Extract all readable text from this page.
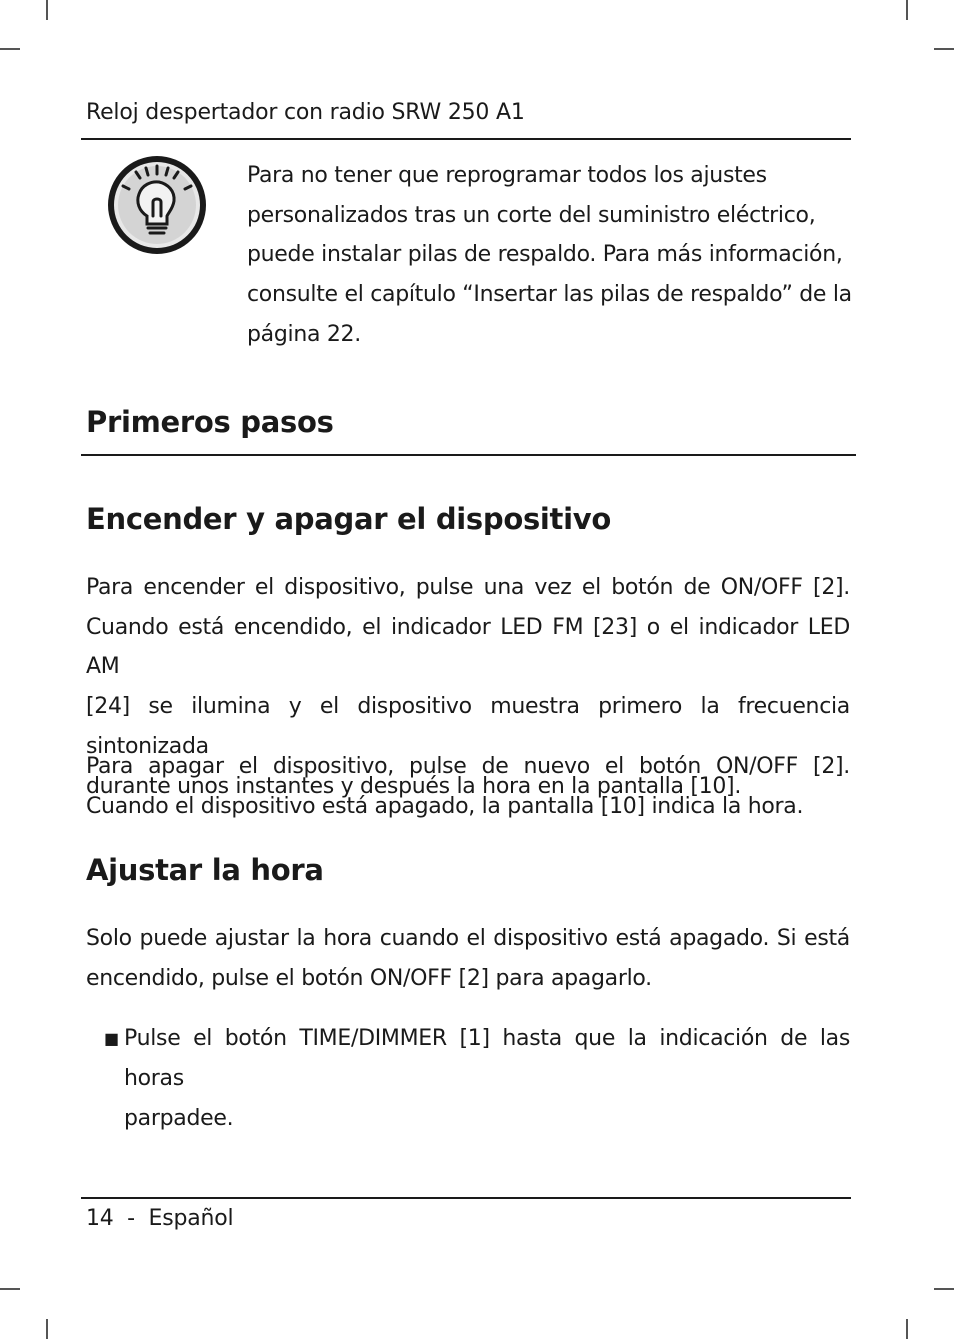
Reloj despertador con radio SRW 250 A1
Para no tener que reprogramar todos los ajustes
personalizados tras un corte del suministro eléctrico,
puede instalar pilas de respaldo. Para más información,
consulte el capítulo “Insertar las pilas de respaldo” de la
página 22.
Primeros pasos
Encender y apagar el dispositivo
Para encender el dispositivo, pulse una vez el botón de ON/OFF [2].
Cuando está encendido, el indicador LED FM [23] o el indicador LED AM
[24] se ilumina y el dispositivo muestra primero la frecuencia sintonizada
durante unos instantes y después la hora en la pantalla [10].
Para apagar el dispositivo, pulse de nuevo el botón ON/OFF [2].
Cuando el dispositivo está apagado, la pantalla [10] indica la hora.
Ajustar la hora
Solo puede ajustar la hora cuando el dispositivo está apagado. Si está
encendido, pulse el botón ON/OFF [2] para apagarlo.
■ Pulse el botón TIME/DIMMER [1] hasta que la indicación de las horas
parpadee.
14  -  Español
